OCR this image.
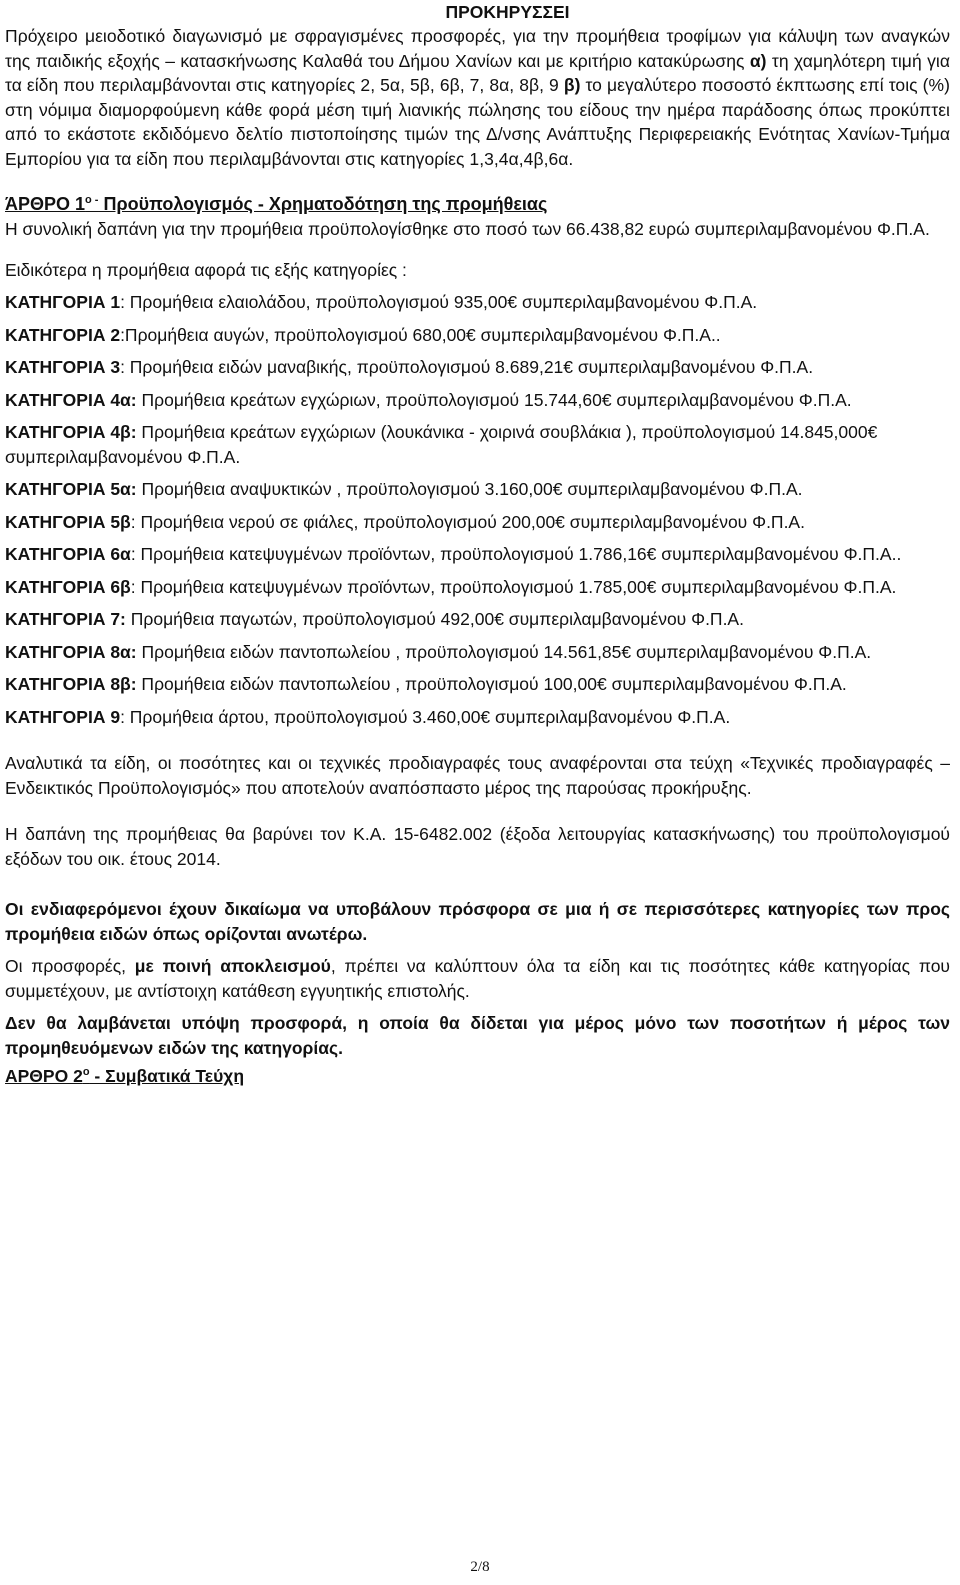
ΠΡΟΚΗΡΥΣΣΕΙ

Πρόχειρο μειοδοτικό διαγωνισμό με σφραγισμένες προσφορές, για την προμήθεια τροφίμων για κάλυψη των αναγκών της παιδικής εξοχής – κατασκήνωσης Καλαθά του Δήμου Χανίων και με κριτήριο κατακύρωσης α) τη χαμηλότερη τιμή για τα είδη που περιλαμβάνονται στις κατηγορίες 2, 5α, 5β, 6β, 7, 8α, 8β, 9 β) το μεγαλύτερο ποσοστό έκπτωσης επί τοις (%) στη νόμιμα διαμορφούμενη κάθε φορά μέση τιμή λιανικής πώλησης του είδους την ημέρα παράδοσης όπως προκύπτει από το εκάστοτε εκδιδόμενο δελτίο πιστοποίησης τιμών της Δ/νσης Ανάπτυξης Περιφερειακής Ενότητας Χανίων-Τμήμα Εμπορίου για τα είδη που περιλαμβάνονται στις κατηγορίες 1,3,4α,4β,6α.

ΆΡΘΡΟ $1^{o -}$ Προϋπολογισμός - Χρηματοδότηση της προμήθειας

Η συνολική δαπάνη για την προμήθεια προϋπολογίσθηκε στο ποσό των 66.438,82 ευρώ συμπεριλαμβανομένου Φ.Π.Α.

Ειδικότερα η προμήθεια αφορά τις εξής κατηγορίες :

ΚΑΤΗΓΟΡΙΑ 1: Προμήθεια ελαιολάδου, προϋπολογισμού 935,00€ συμπεριλαμβανομένου Φ.Π.Α.

ΚΑΤΗΓΟΡΙΑ 2:Προμήθεια αυγών, προϋπολογισμού 680,00€ συμπεριλαμβανομένου Φ.Π.Α..

ΚΑΤΗΓΟΡΙΑ 3: Προμήθεια ειδών μαναβικής, προϋπολογισμού 8.689,21€ συμπεριλαμβανομένου Φ.Π.Α.

ΚΑΤΗΓΟΡΙΑ 4α: Προμήθεια κρεάτων εγχώριων, προϋπολογισμού 15.744,60€ συμπεριλαμβανομένου Φ.Π.Α.

ΚΑΤΗΓΟΡΙΑ 4β: Προμήθεια κρεάτων εγχώριων (λουκάνικα - χοιρινά σουβλάκια ), προϋπολογισμού 14.845,000€ συμπεριλαμβανομένου Φ.Π.Α.

ΚΑΤΗΓΟΡΙΑ 5α: Προμήθεια αναψυκτικών , προϋπολογισμού 3.160,00€ συμπεριλαμβανομένου Φ.Π.Α.

ΚΑΤΗΓΟΡΙΑ 5β: Προμήθεια νερού σε φιάλες, προϋπολογισμού 200,00€ συμπεριλαμβανομένου Φ.Π.Α.

ΚΑΤΗΓΟΡΙΑ 6α: Προμήθεια κατεψυγμένων προϊόντων, προϋπολογισμού 1.786,16€ συμπεριλαμβανομένου Φ.Π.Α..

ΚΑΤΗΓΟΡΙΑ 6β: Προμήθεια κατεψυγμένων προϊόντων, προϋπολογισμού 1.785,00€ συμπεριλαμβανομένου Φ.Π.Α.

ΚΑΤΗΓΟΡΙΑ 7: Προμήθεια παγωτών, προϋπολογισμού 492,00€ συμπεριλαμβανομένου Φ.Π.Α.

ΚΑΤΗΓΟΡΙΑ 8α: Προμήθεια ειδών παντοπωλείου , προϋπολογισμού 14.561,85€ συμπεριλαμβανομένου Φ.Π.Α.

ΚΑΤΗΓΟΡΙΑ 8β: Προμήθεια ειδών παντοπωλείου , προϋπολογισμού 100,00€ συμπεριλαμβανομένου Φ.Π.Α.

ΚΑΤΗΓΟΡΙΑ 9: Προμήθεια άρτου, προϋπολογισμού 3.460,00€ συμπεριλαμβανομένου Φ.Π.Α.

Αναλυτικά τα είδη, οι ποσότητες και οι τεχνικές προδιαγραφές τους αναφέρονται στα τεύχη «Τεχνικές προδιαγραφές – Ενδεικτικός Προϋπολογισμός» που αποτελούν αναπόσπαστο μέρος της παρούσας προκήρυξης.

Η δαπάνη της προμήθειας θα βαρύνει τον Κ.Α. 15-6482.002 (έξοδα λειτουργίας κατασκήνωσης) του προϋπολογισμού εξόδων του οικ. έτους 2014.

Οι ενδιαφερόμενοι έχουν δικαίωμα να υποβάλουν πρόσφορα σε μια ή σε περισσότερες κατηγορίες των προς προμήθεια ειδών όπως ορίζονται ανωτέρω.

Οι προσφορές, με ποινή αποκλεισμού, πρέπει να καλύπτουν όλα τα είδη και τις ποσότητες κάθε κατηγορίας που συμμετέχουν, με αντίστοιχη κατάθεση εγγυητικής επιστολής.

Δεν θα λαμβάνεται υπόψη προσφορά, η οποία θα δίδεται για μέρος μόνο των ποσοτήτων ή μέρος των προμηθευόμενων ειδών της κατηγορίας.

ΑΡΘΡΟ $2^o$ - Συμβατικά Τεύχη
2/8
